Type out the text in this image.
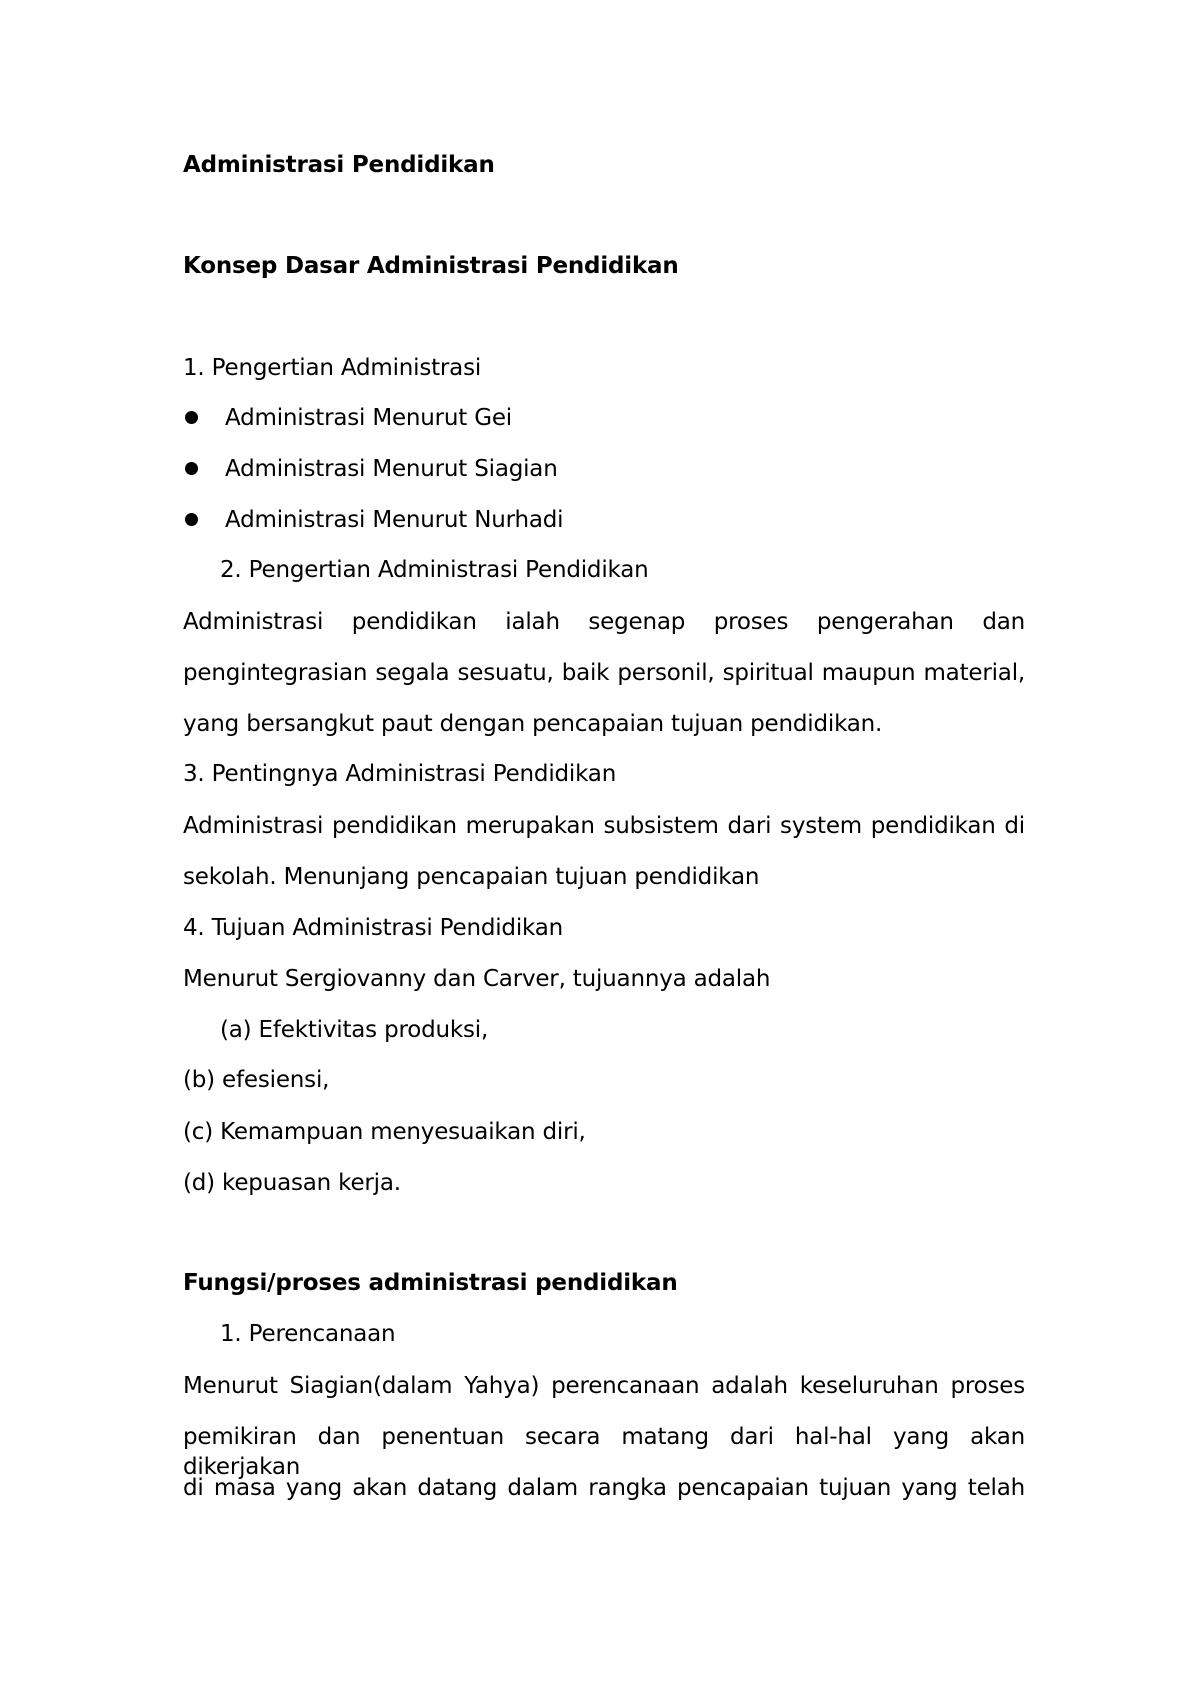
Administrasi Pendidikan
Konsep Dasar Administrasi Pendidikan
1. Pengertian Administrasi
Administrasi Menurut Gei
Administrasi Menurut Siagian
Administrasi Menurut Nurhadi
2. Pengertian Administrasi Pendidikan
Administrasi pendidikan ialah segenap proses pengerahan dan
pengintegrasian segala sesuatu, baik personil, spiritual maupun material,
yang bersangkut paut dengan pencapaian tujuan pendidikan.
3. Pentingnya Administrasi Pendidikan
Administrasi pendidikan merupakan subsistem dari system pendidikan di
sekolah. Menunjang pencapaian tujuan pendidikan
4. Tujuan Administrasi Pendidikan
Menurut Sergiovanny dan Carver, tujuannya adalah
(a) Efektivitas produksi,
(b) efesiensi,
(c) Kemampuan menyesuaikan diri,
(d) kepuasan kerja.
Fungsi/proses administrasi pendidikan
1. Perencanaan
Menurut Siagian(dalam Yahya) perencanaan adalah keseluruhan proses
pemikiran dan penentuan secara matang dari hal-hal yang akan dikerjakan
di masa yang akan datang dalam rangka pencapaian tujuan yang telah
